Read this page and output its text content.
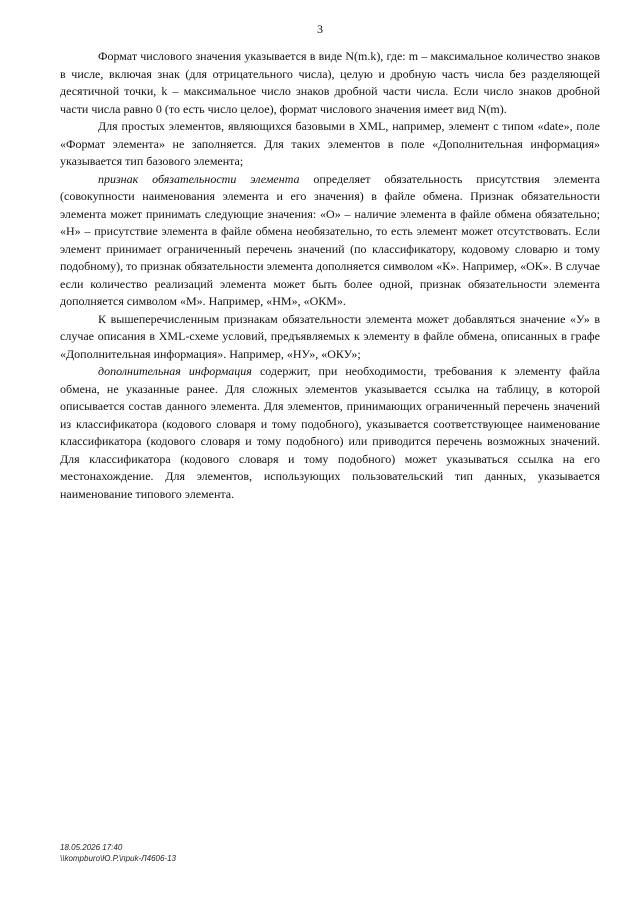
3

Формат числового значения указывается в виде N(m.k), где: m – максимальное количество знаков в числе, включая знак (для отрицательного числа), целую и дробную часть числа без разделяющей десятичной точки, k – максимальное число знаков дробной части числа. Если число знаков дробной части числа равно 0 (то есть число целое), формат числового значения имеет вид N(m).

Для простых элементов, являющихся базовыми в XML, например, элемент с типом «date», поле «Формат элемента» не заполняется. Для таких элементов в поле «Дополнительная информация» указывается тип базового элемента;

признак обязательности элемента определяет обязательность присутствия элемента (совокупности наименования элемента и его значения) в файле обмена. Признак обязательности элемента может принимать следующие значения: «О» – наличие элемента в файле обмена обязательно; «Н» – присутствие элемента в файле обмена необязательно, то есть элемент может отсутствовать. Если элемент принимает ограниченный перечень значений (по классификатору, кодовому словарю и тому подобному), то признак обязательности элемента дополняется символом «К». Например, «ОК». В случае если количество реализаций элемента может быть более одной, признак обязательности элемента дополняется символом «М». Например, «НМ», «ОКМ».

К вышеперечисленным признакам обязательности элемента может добавляться значение «У» в случае описания в XML-схеме условий, предъявляемых к элементу в файле обмена, описанных в графе «Дополнительная информация». Например, «НУ», «ОКУ»;

дополнительная информация содержит, при необходимости, требования к элементу файла обмена, не указанные ранее. Для сложных элементов указывается ссылка на таблицу, в которой описывается состав данного элемента. Для элементов, принимающих ограниченный перечень значений из классификатора (кодового словаря и тому подобного), указывается соответствующее наименование классификатора (кодового словаря и тому подобного) или приводится перечень возможных значений. Для классификатора (кодового словаря и тому подобного) может указываться ссылка на его местонахождение. Для элементов, использующих пользовательский тип данных, указывается наименование типового элемента.

18.05.2026 17:40
\\kompburo\Ю.Р.\приk-Л4606-13
